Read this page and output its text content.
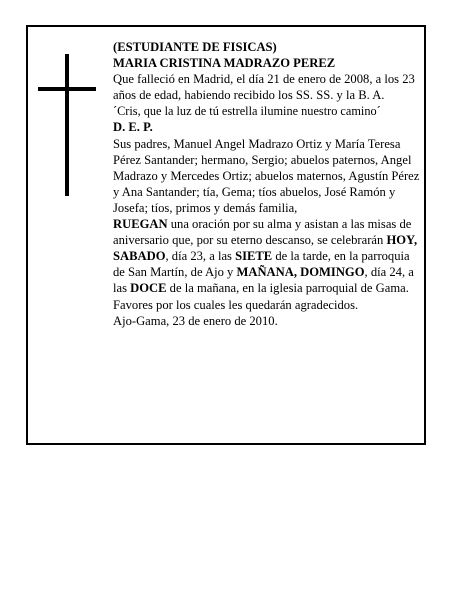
(ESTUDIANTE DE FISICAS)

MARIA CRISTINA MADRAZO PEREZ

Que falleció en Madrid, el día 21 de enero de 2008, a los 23 años de edad, habiendo recibido los SS. SS. y la B. A.

´Cris, que la luz de tú estrella ilumine nuestro camino´

D. E. P.

Sus padres, Manuel Angel Madrazo Ortiz y María Teresa Pérez Santander; hermano, Sergio; abuelos paternos, Angel Madrazo y Mercedes Ortiz; abuelos maternos, Agustín Pérez y Ana Santander; tía, Gema; tíos abuelos, José Ramón y Josefa; tíos, primos y demás familia,

RUEGAN una oración por su alma y asistan a las misas de aniversario que, por su eterno descanso, se celebrarán HOY, SABADO, día 23, a las SIETE de la tarde, en la parroquia de San Martín, de Ajo y MAÑANA, DOMINGO, día 24, a las DOCE de la mañana, en la iglesia parroquial de Gama. Favores por los cuales les quedarán agradecidos.

Ajo-Gama, 23 de enero de 2010.
